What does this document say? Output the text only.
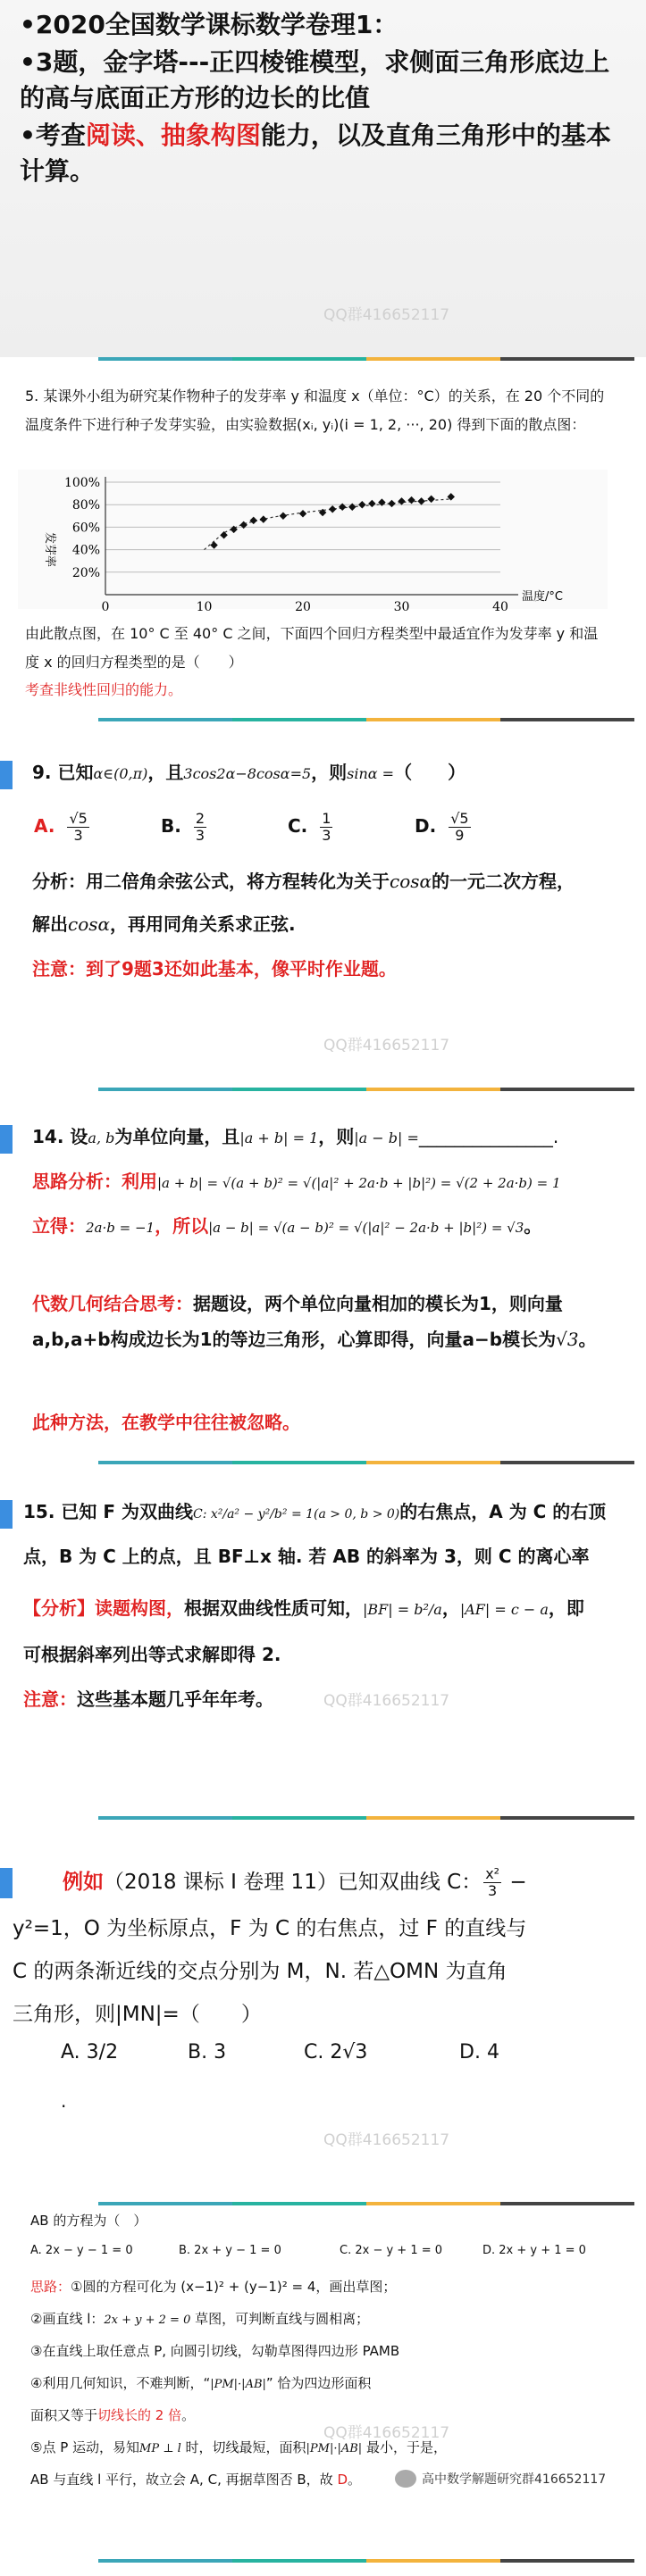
•2020全国数学课标数学卷理1：
•3题，金字塔---正四棱锥模型，求侧面三角形底边上的高与底面正方形的边长的比值
•考查阅读、抽象构图能力，以及直角三角形中的基本计算。
QQ群416652117
5. 某课外小组为研究某作物种子的发芽率 y 和温度 x（单位：°C）的关系，在 20 个不同的温度条件下进行种子发芽实验，由实验数据(xᵢ, yᵢ)(i = 1, 2, ···, 20) 得到下面的散点图：
20%
40%
60%
80%
100%
0	10	20	30	40
温度/°C
发芽率
由此散点图，在 10° C 至 40° C 之间，下面四个回归方程类型中最适宜作为发芽率 y 和温度 x 的回归方程类型的是（　　）
考查非线性回归的能力。
9. 已知α∈(0,π)，且3cos2α−8cosα=5，则sinα =（　　）
A. $\frac{√5}{3}$	B. $\frac{2}{3}$	C. $\frac{1}{3}$	D. $\frac{√5}{9}$
分析：用二倍角余弦公式，将方程转化为关于cosα的一元二次方程，
解出cosα，再用同角关系求正弦.
注意：到了9题3还如此基本，像平时作业题。
QQ群416652117
14. 设a, b为单位向量，且|a + b| = 1，则|a − b| =_______________.
思路分析：利用|a + b| = √(a + b)² = √(|a|² + 2a·b + |b|²) = √(2 + 2a·b) = 1
立得：2a·b = −1，所以|a − b| = √(a − b)² = √(|a|² − 2a·b + |b|²) = √3。
代数几何结合思考：据题设，两个单位向量相加的模长为1，则向量a,b,a+b构成边长为1的等边三角形，心算即得，向量a−b模长为√3。
此种方法，在教学中往往被忽略。
15. 已知 F 为双曲线C: x²/a² − y²/b² = 1(a > 0, b > 0)的右焦点，A 为 C 的右顶
点，B 为 C 上的点，且 BF⊥x 轴. 若 AB 的斜率为 3，则 C 的离心率
【分析】读题构图，根据双曲线性质可知，|BF| = b²/a，|AF| = c − a，即
可根据斜率列出等式求解即得 2.
注意：这些基本题几乎年年考。	QQ群416652117
例如（2018 课标 Ⅰ 卷理 11）已知双曲线 C： $\frac{\text{x²}}{3}$ −
y²=1，O 为坐标原点，F 为 C 的右焦点，过 F 的直线与
C 的两条渐近线的交点分别为 M，N. 若△OMN 为直角
三角形，则|MN|=（　　）
A. 3/2	B. 3	C. 2√3	D. 4
.
QQ群416652117
AB 的方程为（　）
A. 2x − y − 1 = 0	B. 2x + y − 1 = 0	C. 2x − y + 1 = 0	D. 2x + y + 1 = 0
思路：①圆的方程可化为 (x−1)² + (y−1)² = 4，画出草图；
②画直线 l：2x + y + 2 = 0 草图，可判断直线与圆相离；
③在直线上取任意点 P, 向圆引切线，勾勒草图得四边形 PAMB
④利用几何知识，不难判断，“|PM|·|AB|” 恰为四边形面积
面积又等于切线长的 2 倍。
QQ群416652117
⑤点 P 运动，易知MP ⊥ l 时，切线最短，面积|PM|·|AB| 最小，于是，
AB 与直线 l 平行，故立会 A, C, 再据草图否 B，故 D。	高中数学解题研究群416652117
